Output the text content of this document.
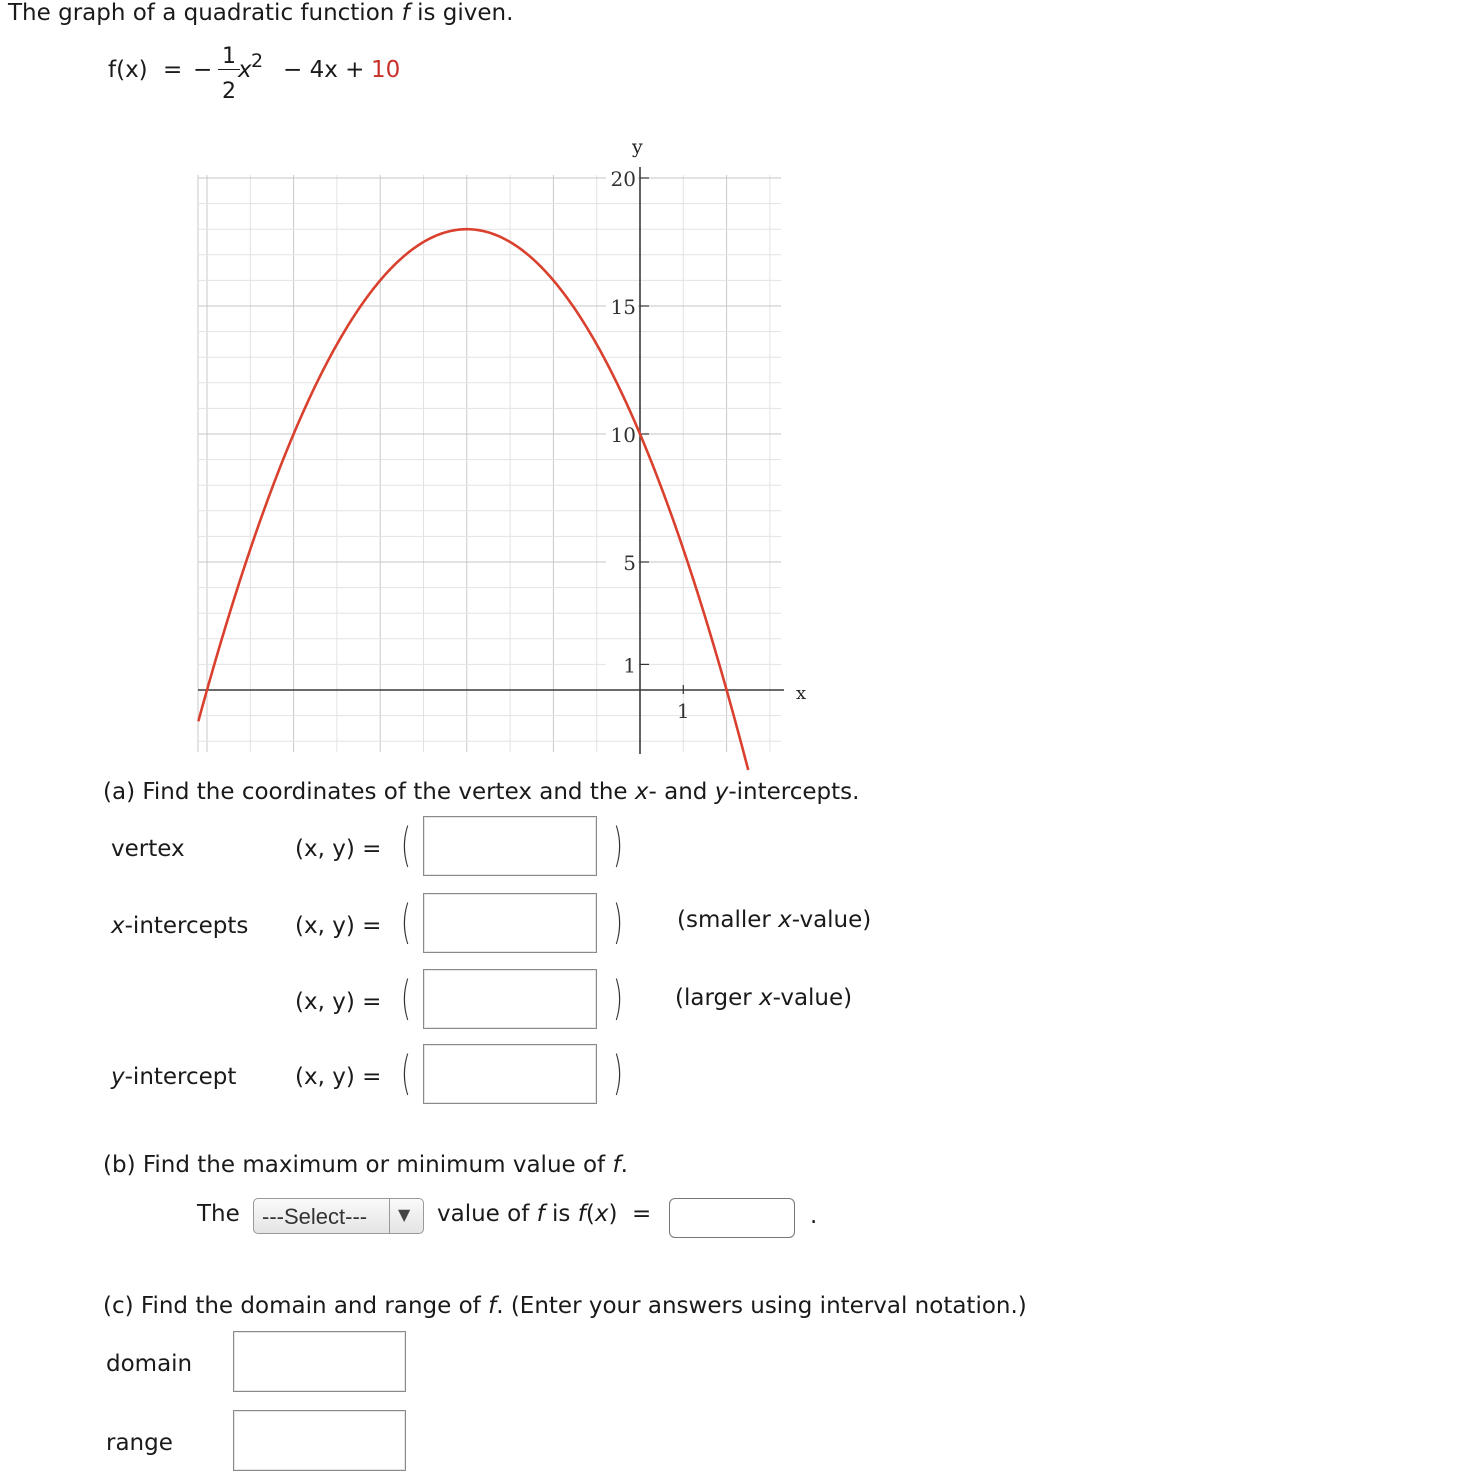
The graph of a quadratic function f is given.
f(x) = −
1
2
x 2 − 4x + 10
x
y
1
5
10
15
20
1
(a) Find the coordinates of the vertex and the x- and y-intercepts.
vertex	(x, y) = (	)
x-intercepts (x, y) = (	) (smaller x-value)
(x, y) = (	) (larger x-value)
y-intercept	(x, y) = (	)
(b) Find the maximum or minimum value of f.
The ---Select--- ▼ value of f is f(x)  =	.
(c) Find the domain and range of f. (Enter your answers using interval notation.)
domain
range
